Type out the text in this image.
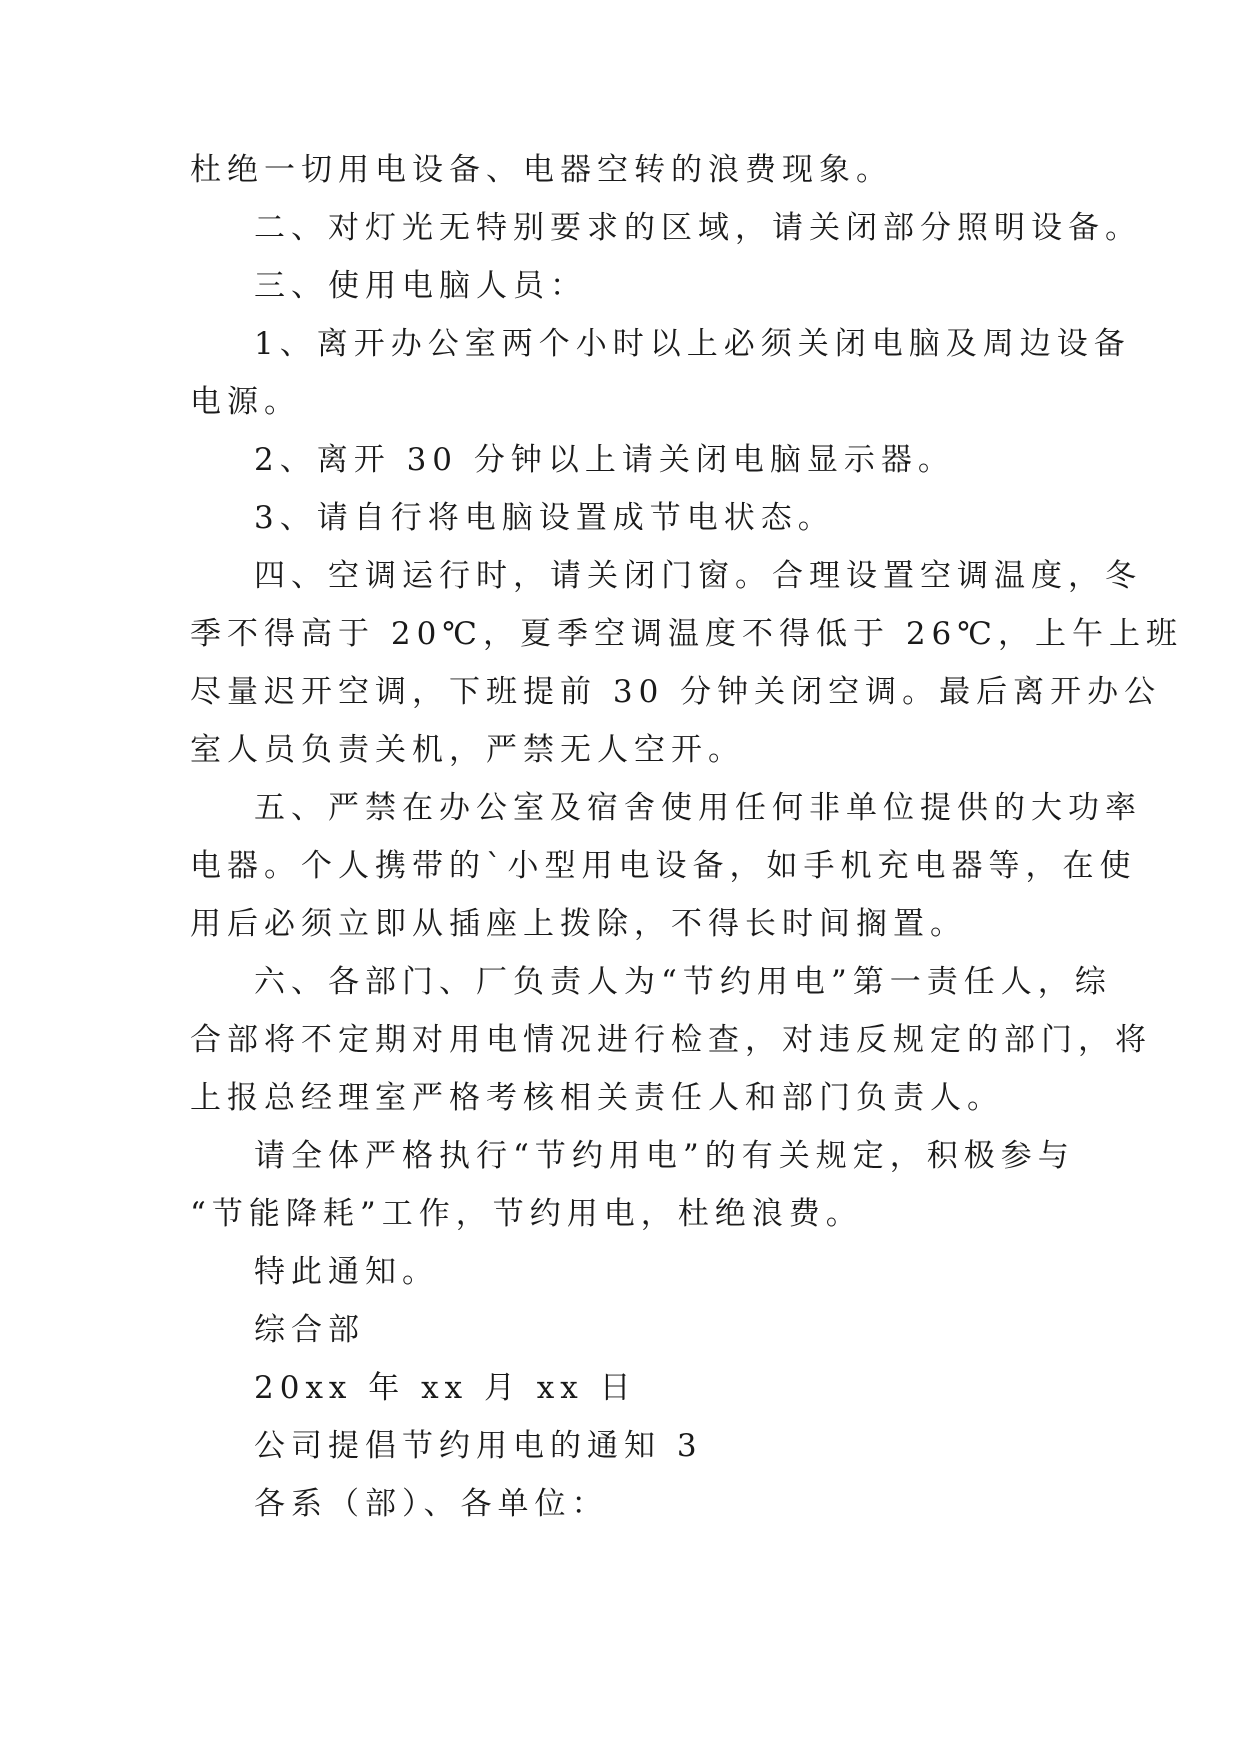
杜绝一切用电设备、电器空转的浪费现象。
二、对灯光无特别要求的区域，请关闭部分照明设备。
三、使用电脑人员：
1、离开办公室两个小时以上必须关闭电脑及周边设备
电源。
2、离开 30 分钟以上请关闭电脑显示器。
3、请自行将电脑设置成节电状态。
四、空调运行时，请关闭门窗。合理设置空调温度，冬
季不得高于 20℃，夏季空调温度不得低于 26℃，上午上班
尽量迟开空调，下班提前 30 分钟关闭空调。最后离开办公
室人员负责关机，严禁无人空开。
五、严禁在办公室及宿舍使用任何非单位提供的大功率
电器。个人携带的`小型用电设备，如手机充电器等，在使
用后必须立即从插座上拨除，不得长时间搁置。
六、各部门、厂负责人为“节约用电”第一责任人，综
合部将不定期对用电情况进行检查，对违反规定的部门，将
上报总经理室严格考核相关责任人和部门负责人。
请全体严格执行“节约用电”的有关规定，积极参与
“节能降耗”工作，节约用电，杜绝浪费。
特此通知。
综合部
20xx 年 xx 月 xx 日
公司提倡节约用电的通知 3
各系（部）、各单位：
